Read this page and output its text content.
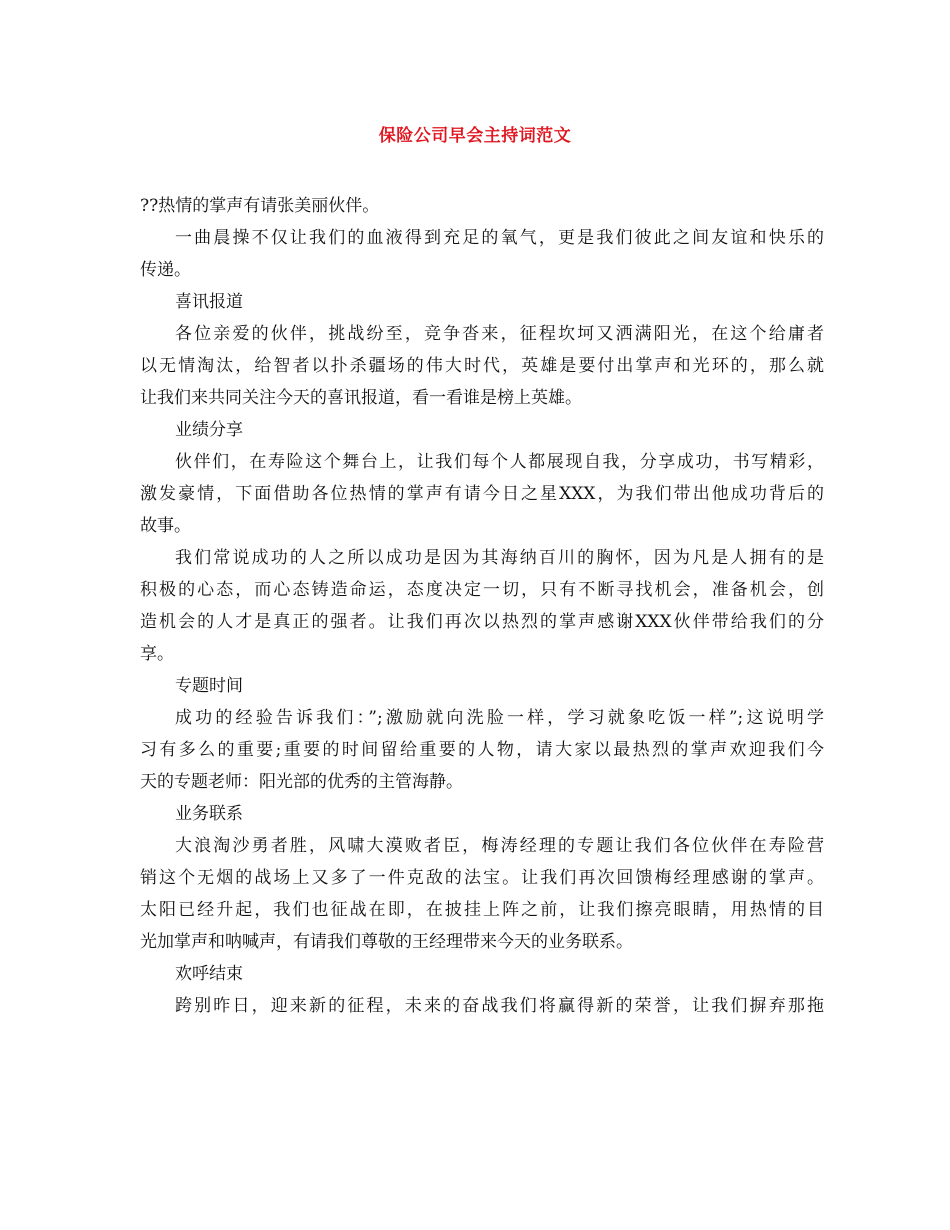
保险公司早会主持词范文
??热情的掌声有请张美丽伙伴。
一曲晨操不仅让我们的血液得到充足的氧气，更是我们彼此之间友谊和快乐的
传递。
喜讯报道
各位亲爱的伙伴，挑战纷至，竞争沓来，征程坎坷又洒满阳光，在这个给庸者
以无情淘汰，给智者以扑杀疆场的伟大时代，英雄是要付出掌声和光环的，那么就
让我们来共同关注今天的喜讯报道，看一看谁是榜上英雄。
业绩分享
伙伴们，在寿险这个舞台上，让我们每个人都展现自我，分享成功，书写精彩，
激发豪情，下面借助各位热情的掌声有请今日之星XXX，为我们带出他成功背后的
故事。
我们常说成功的人之所以成功是因为其海纳百川的胸怀，因为凡是人拥有的是
积极的心态，而心态铸造命运，态度决定一切，只有不断寻找机会，准备机会，创
造机会的人才是真正的强者。让我们再次以热烈的掌声感谢XXX伙伴带给我们的分
享。
专题时间
成功的经验告诉我们：”;激励就向洗脸一样，学习就象吃饭一样”;这说明学
习有多么的重要;重要的时间留给重要的人物，请大家以最热烈的掌声欢迎我们今
天的专题老师：阳光部的优秀的主管海静。
业务联系
大浪淘沙勇者胜，风啸大漠败者臣，梅涛经理的专题让我们各位伙伴在寿险营
销这个无烟的战场上又多了一件克敌的法宝。让我们再次回馈梅经理感谢的掌声。
太阳已经升起，我们也征战在即，在披挂上阵之前，让我们擦亮眼睛，用热情的目
光加掌声和呐喊声，有请我们尊敬的王经理带来今天的业务联系。
欢呼结束
跨别昨日，迎来新的征程，未来的奋战我们将赢得新的荣誉，让我们摒弃那拖
